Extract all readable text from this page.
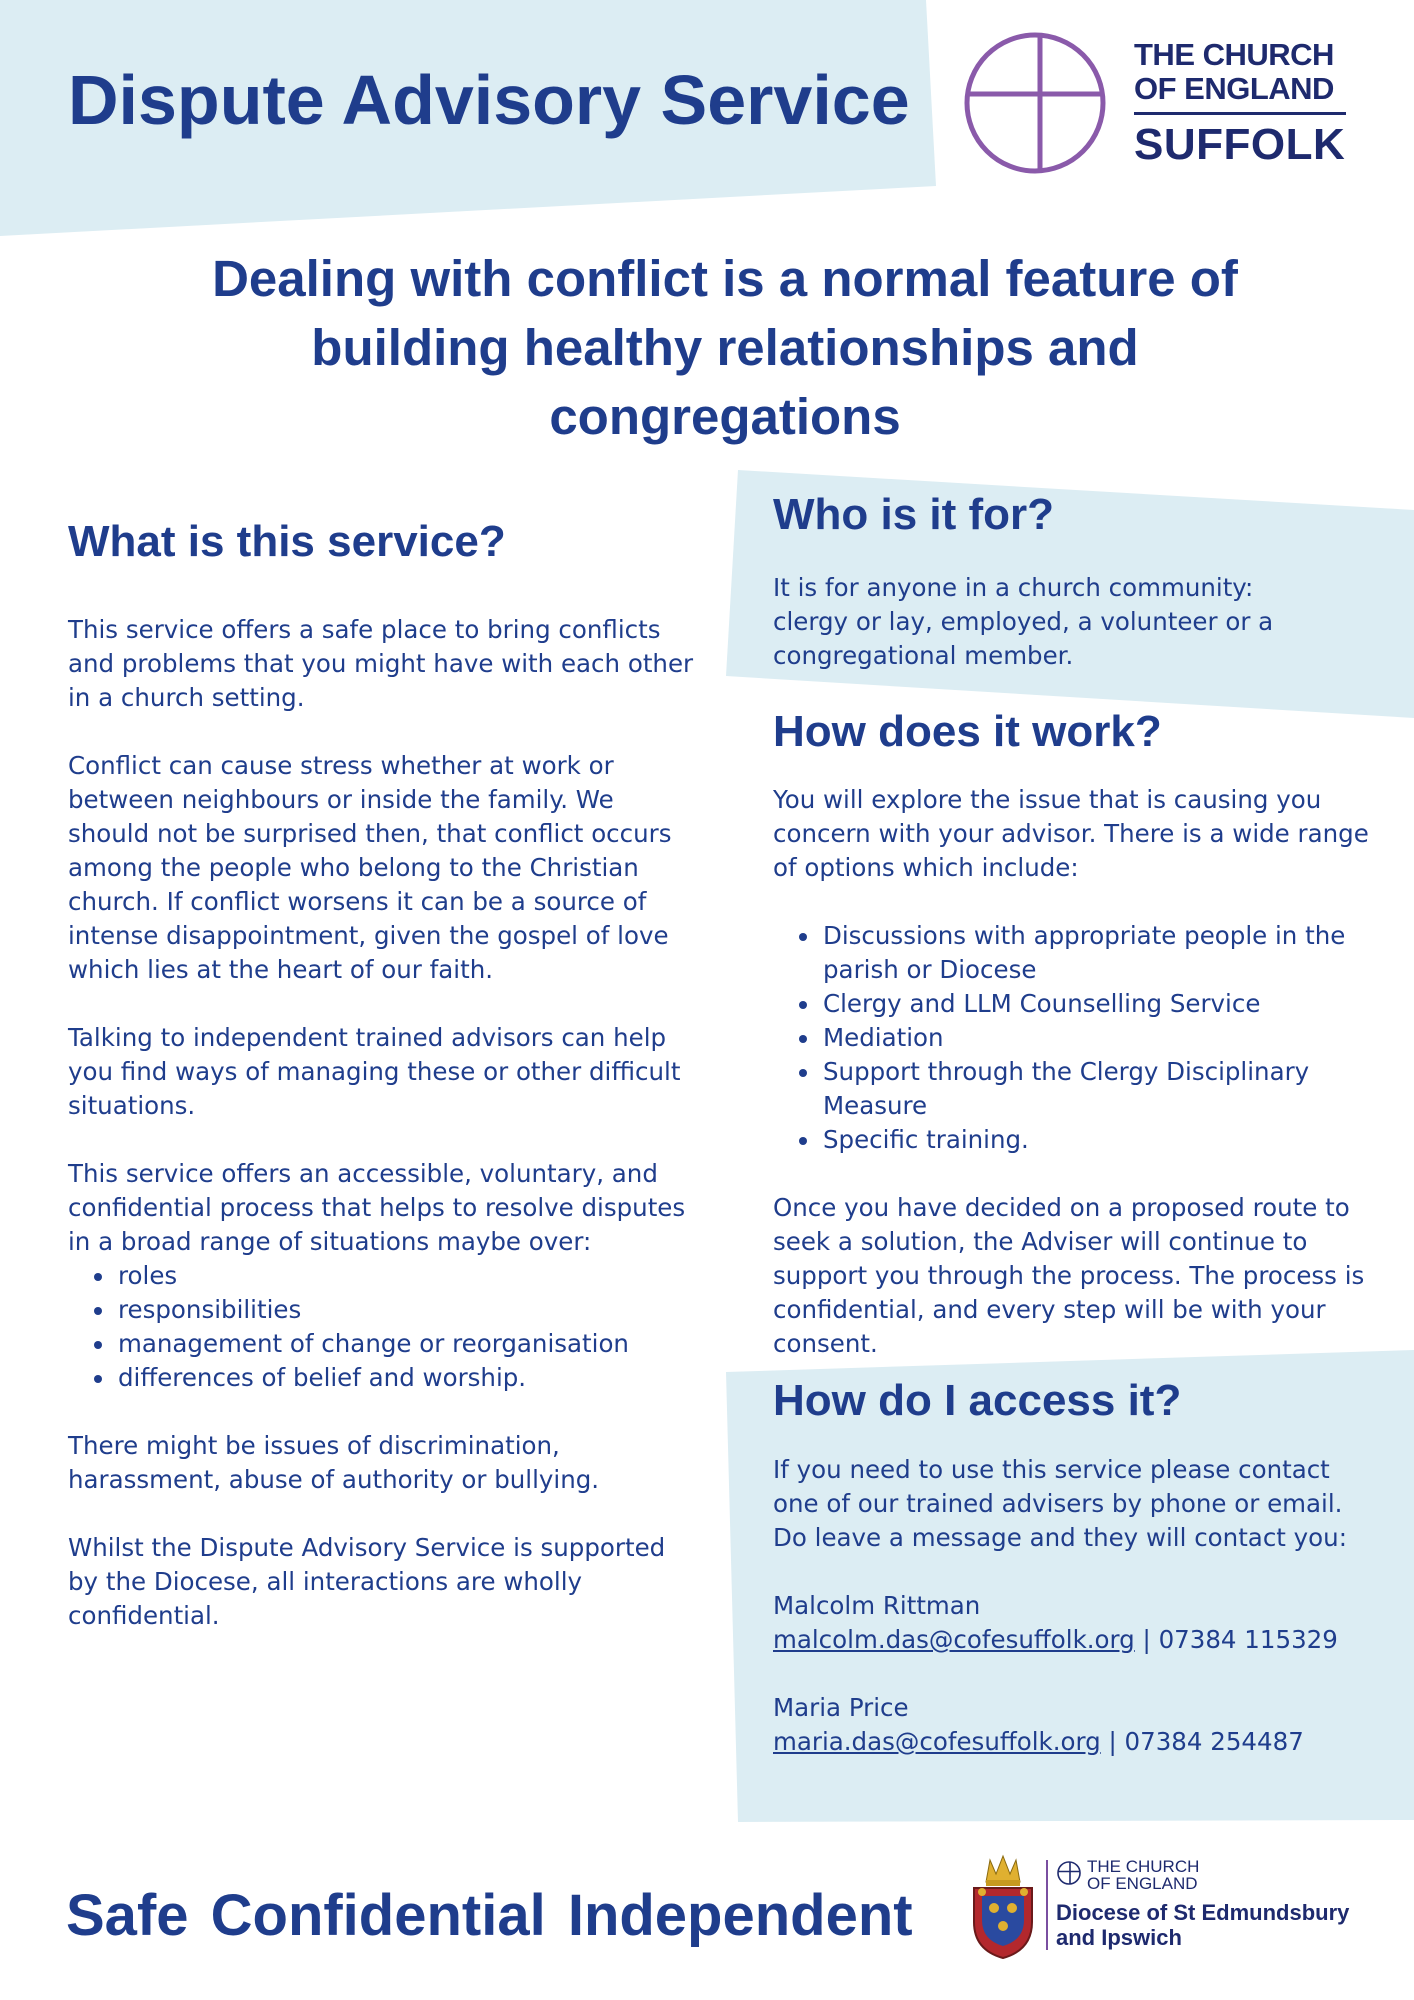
Dispute Advisory Service
THE CHURCH
OF ENGLAND
SUFFOLK
Dealing with conflict is a normal feature of
building healthy relationships and
congregations
What is this service?

This service offers a safe place to bring conflicts and problems that you might have with each other in a church setting.

Conflict can cause stress whether at work or between neighbours or inside the family. We should not be surprised then, that conflict occurs among the people who belong to the Christian church. If conflict worsens it can be a source of intense disappointment, given the gospel of love which lies at the heart of our faith.

Talking to independent trained advisors can help you find ways of managing these or other difficult situations.

This service offers an accessible, voluntary, and confidential process that helps to resolve disputes in a broad range of situations maybe over:

• roles
• responsibilities
• management of change or reorganisation
• differences of belief and worship.

There might be issues of discrimination, harassment, abuse of authority or bullying.

Whilst the Dispute Advisory Service is supported by the Diocese, all interactions are wholly confidential.

Who is it for?

It is for anyone in a church community: clergy or lay, employed, a volunteer or a congregational member.

How does it work?

You will explore the issue that is causing you concern with your advisor. There is a wide range of options which include:

• Discussions with appropriate people in the parish or Diocese
• Clergy and LLM Counselling Service
• Mediation
• Support through the Clergy Disciplinary Measure
• Specific training.

Once you have decided on a proposed route to seek a solution, the Adviser will continue to support you through the process. The process is confidential, and every step will be with your consent.

How do I access it?

If you need to use this service please contact one of our trained advisers by phone or email. Do leave a message and they will contact you:

Malcolm Rittman
malcolm.das@cofesuffolk.org | 07384 115329

Maria Price
maria.das@cofesuffolk.org | 07384 254487

Safe Confidential Independent
THE CHURCH
OF ENGLAND
Diocese of St Edmundsbury
and Ipswich
